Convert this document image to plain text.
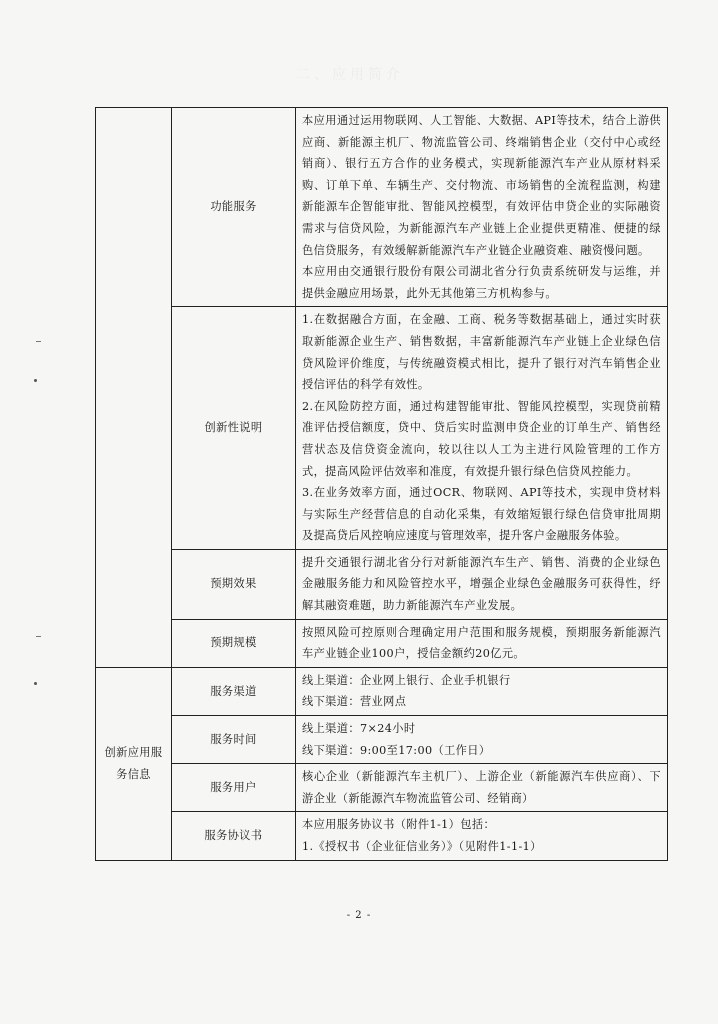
二、应用简介
	功能服务	本应用通过运用物联网、人工智能、大数据、API等技术，结合上游供应商、新能源主机厂、物流监管公司、终端销售企业（交付中心或经销商）、银行五方合作的业务模式，实现新能源汽车产业从原材料采购、订单下单、车辆生产、交付物流、市场销售的全流程监测，构建新能源车企智能审批、智能风控模型，有效评估申贷企业的实际融资需求与信贷风险，为新能源汽车产业链上企业提供更精准、便捷的绿色信贷服务，有效缓解新能源汽车产业链企业融资难、融资慢问题。

本应用由交通银行股份有限公司湖北省分行负责系统研发与运维，并提供金融应用场景，此外无其他第三方机构参与。

	创新性说明	1.在数据融合方面，在金融、工商、税务等数据基础上，通过实时获取新能源企业生产、销售数据，丰富新能源汽车产业链上企业绿色信贷风险评价维度，与传统融资模式相比，提升了银行对汽车销售企业授信评估的科学有效性。

2.在风险防控方面，通过构建智能审批、智能风控模型，实现贷前精准评估授信额度，贷中、贷后实时监测申贷企业的订单生产、销售经营状态及信贷资金流向，较以往以人工为主进行风险管理的工作方式，提高风险评估效率和准度，有效提升银行绿色信贷风控能力。

3.在业务效率方面，通过OCR、物联网、API等技术，实现申贷材料与实际生产经营信息的自动化采集，有效缩短银行绿色信贷审批周期及提高贷后风控响应速度与管理效率，提升客户金融服务体验。

	预期效果	提升交通银行湖北省分行对新能源汽车生产、销售、消费的企业绿色金融服务能力和风险管控水平，增强企业绿色金融服务可获得性，纾解其融资难题，助力新能源汽车产业发展。

	预期规模	按照风险可控原则合理确定用户范围和服务规模，预期服务新能源汽车产业链企业100户，授信金额约20亿元。

创新应用服务信息	服务渠道	线上渠道：企业网上银行、企业手机银行

线下渠道：营业网点

	服务时间	线上渠道：7×24小时

线下渠道：9:00至17:00（工作日）

	服务用户	核心企业（新能源汽车主机厂）、上游企业（新能源汽车供应商）、下游企业（新能源汽车物流监管公司、经销商）

	服务协议书	本应用服务协议书（附件1-1）包括：

1.《授权书（企业征信业务）》（见附件1-1-1）

- 2 -
